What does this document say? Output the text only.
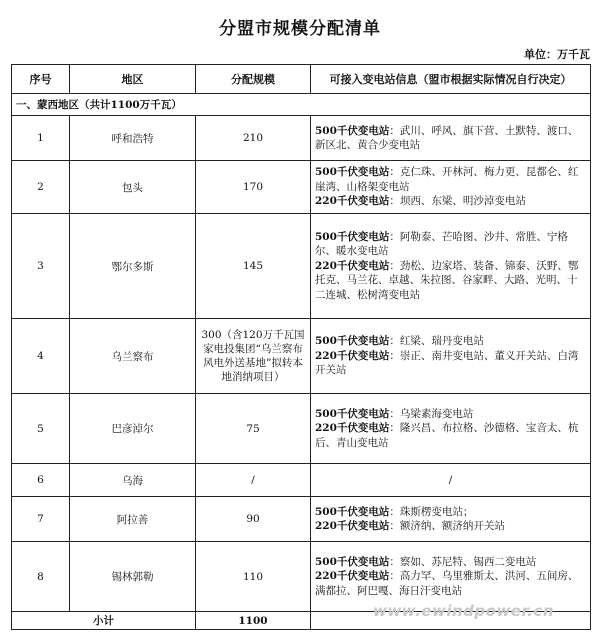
分盟市规模分配清单
单位：万千瓦
序号	地区	分配规模	可接入变电站信息（盟市根据实际情况自行决定）
一、蒙西地区（共计1100万千瓦）			
1	呼和浩特	210	500千伏变电站：武川、呼风、旗下营、土默特、渡口、新区北、黄合少变电站

2	包头	170	500千伏变电站：克仁珠、开林河、梅力更、昆都仑、红崖湾、山格架变电站

220千伏变电站：坝西、东梁、明沙淖变电站

3	鄂尔多斯	145	500千伏变电站：阿勒泰、芒哈图、沙井、常胜、宁格尔、暖水变电站

220千伏变电站：劲松、边家塔、装备、锦泰、沃野、鄂托克、马兰花、卓越、朱拉图、谷家畔、大路、光明、十二连城、松树湾变电站

4	乌兰察布	300（含120万千瓦国家电投集团“乌兰察布风电外送基地”拟转本地消纳项目）	500千伏变电站：红梁、瑞丹变电站

220千伏变电站：崇正、南井变电站、董义开关站、白湾开关站

5	巴彦淖尔	75	500千伏变电站：乌梁素海变电站

220千伏变电站：隆兴昌、布拉格、沙德格、宝音太、杭后、青山变电站

6	乌海	/	/
7	阿拉善	90	500千伏变电站：珠斯楞变电站；

220千伏变电站：额济纳、额济纳开关站

8	锡林郭勒	110	500千伏变电站：察如、苏尼特、锡西二变电站

220千伏变电站：高力罕、乌里雅斯太、洪河、五间房、满都拉、阿巴嘎、海日汗变电站

小计		1100	
www.ewindpower.cn
